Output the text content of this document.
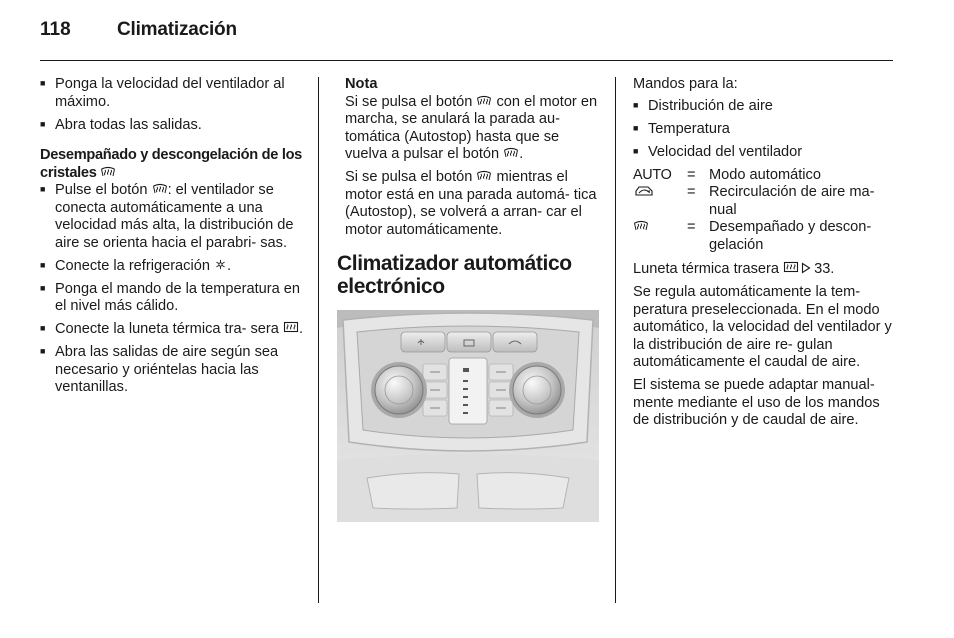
118 Climatización
■ Ponga la velocidad del ventilador al máximo.
■ Abra todas las salidas.
Desempañado y descongelación de los cristales
■ Pulse el botón : el ventilador se conecta automáticamente a una velocidad más alta, la distribución de aire se orienta hacia el parabri- sas.
■ Conecte la refrigeración .
■ Ponga el mando de la temperatura en el nivel más cálido.
■ Conecte la luneta térmica tra- sera .
■ Abra las salidas de aire según sea necesario y oriéntelas hacia las ventanillas.
Nota

Si se pulsa el botón  con el motor en marcha, se anulará la parada au- tomática (Autostop) hasta que se vuelva a pulsar el botón .

Si se pulsa el botón  mientras el motor está en una parada automá- tica (Autostop), se volverá a arran- car el motor automáticamente.

Climatizador automático electrónico

Mandos para la:

■ Distribución de aire
■ Temperatura
■ Velocidad del ventilador
AUTO	= Modo automático
= Recirculación de aire ma- nual
= Desempañado y descon- gelación

Luneta térmica trasera 33.

Se regula automáticamente la tem- peratura preseleccionada. En el modo automático, la velocidad del ventilador y la distribución de aire re- gulan automáticamente el caudal de aire.

El sistema se puede adaptar manual- mente mediante el uso de los mandos de distribución y de caudal de aire.
